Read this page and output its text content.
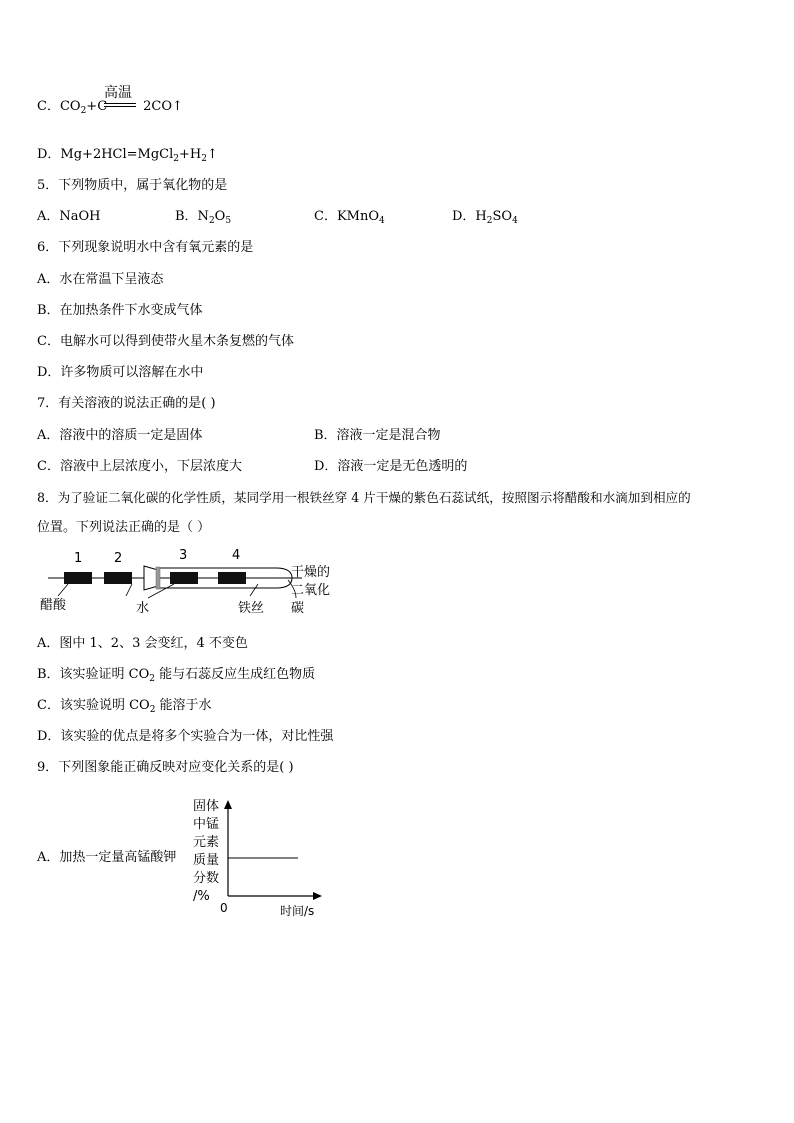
C．$CO_2+C$	2CO↑
高温
D．$Mg+2HCl=MgCl_2+H_2↑$
5．下列物质中，属于氧化物的是
A．NaOH	B．$N_2O_5$	C．KMnO$_4$	D．$H_2SO_4$
6．下列现象说明水中含有氧元素的是
A．水在常温下呈液态
B．在加热条件下水变成气体
C．电解水可以得到使带火星木条复燃的气体
D．许多物质可以溶解在水中
7．有关溶液的说法正确的是( )
A．溶液中的溶质一定是固体	B．溶液一定是混合物
C．溶液中上层浓度小，下层浓度大	D．溶液一定是无色透明的
8．为了验证二氧化碳的化学性质，某同学用一根铁丝穿 4 片干燥的紫色石蕊试纸，按照图示将醋酸和水滴加到相应的
位置。下列说法正确的是（ ）
1 2	3	4
醋酸	水	铁丝
干燥的
二氧化
碳
A．图中 1、2、3 会变红，4 不变色
B．该实验证明 $CO_2$ 能与石蕊反应生成红色物质
C．该实验说明 $CO_2$ 能溶于水
D．该实验的优点是将多个实验合为一体，对比性强
9．下列图象能正确反映对应变化关系的是( )
A．加热一定量高锰酸钾
固体
中锰
元素
质量
分数
/%
0	时间/s
